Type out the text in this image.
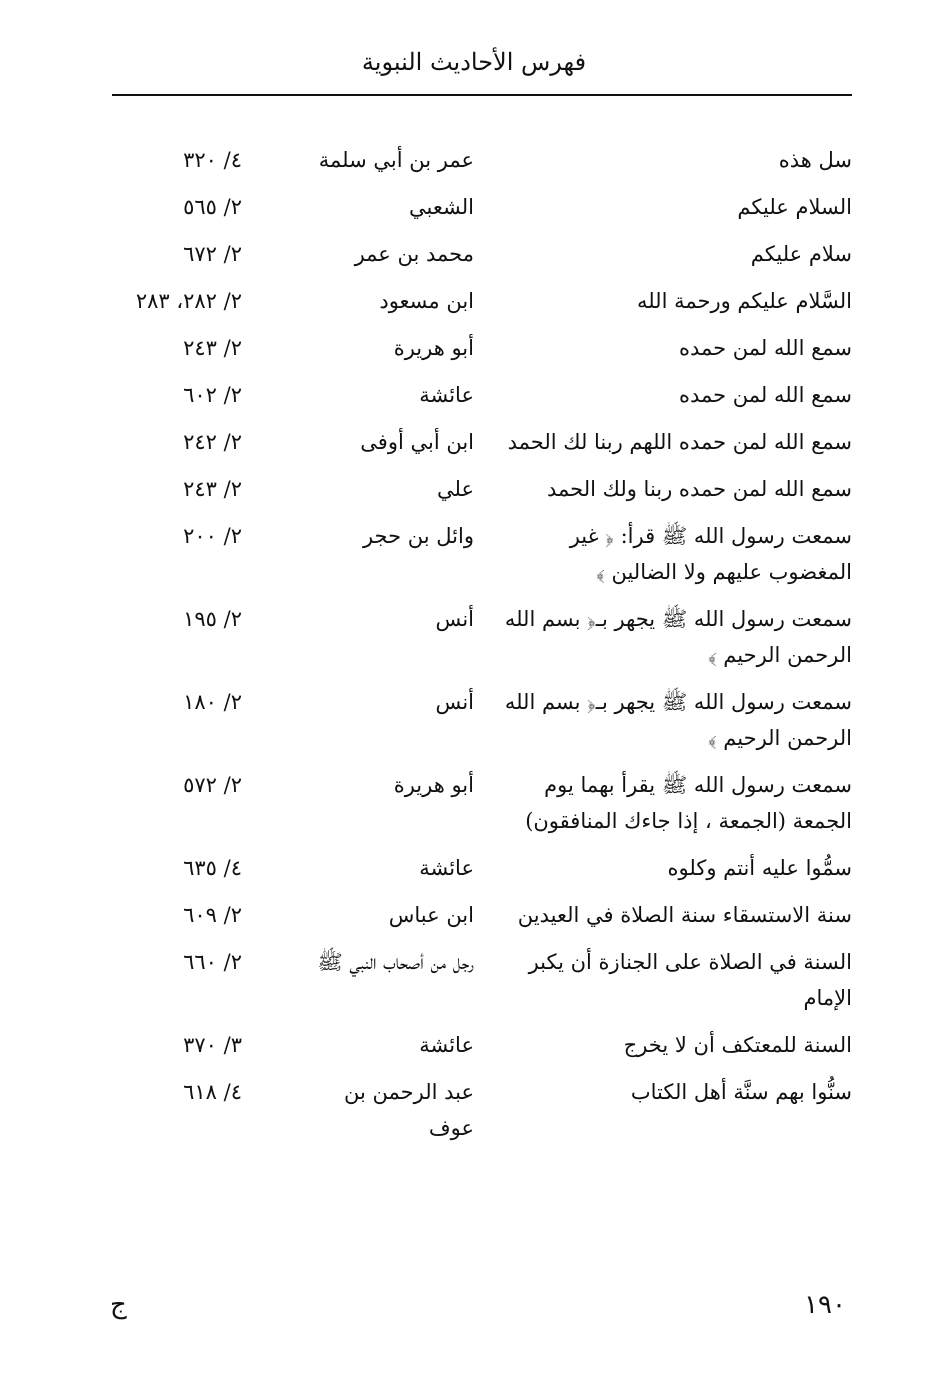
فهرس الأحاديث النبوية
سل هذه
عمر بن أبي سلمة
٤/ ٣٢٠
السلام عليكم
الشعبي
٢/ ٥٦٥
سلام عليكم
محمد بن عمر
٢/ ٦٧٢
السَّلام عليكم ورحمة الله
ابن مسعود
٢/ ٢٨٢، ٢٨٣
سمع الله لمن حمده
أبو هريرة
٢/ ٢٤٣
سمع الله لمن حمده
عائشة
٢/ ٦٠٢
سمع الله لمن حمده اللهم ربنا لك الحمد
ابن أبي أوفى
٢/ ٢٤٢
سمع الله لمن حمده ربنا ولك الحمد
علي
٢/ ٢٤٣
سمعت رسول الله ﷺ قرأ: ﴿ غير المغضوب عليهم ولا الضالين ﴾
وائل بن حجر
٢/ ٢٠٠
سمعت رسول الله ﷺ يجهر بـ﴿ بسم الله الرحمن الرحيم ﴾
أنس
٢/ ١٩٥
سمعت رسول الله ﷺ يجهر بـ﴿ بسم الله الرحمن الرحيم ﴾
أنس
٢/ ١٨٠
سمعت رسول الله ﷺ يقرأ بهما يوم الجمعة (الجمعة ، إذا جاءك المنافقون)
أبو هريرة
٢/ ٥٧٢
سمُّوا عليه أنتم وكلوه
عائشة
٤/ ٦٣٥
سنة الاستسقاء سنة الصلاة في العيدين
ابن عباس
٢/ ٦٠٩
السنة في الصلاة على الجنازة أن يكبر الإمام
رجل من أصحاب النبي ﷺ
٢/ ٦٦٠
السنة للمعتكف أن لا يخرج
عائشة
٣/ ٣٧٠
سنُّوا بهم سنَّة أهل الكتاب
عبد الرحمن بن عوف
٤/ ٦١٨
١٩٠
ج
